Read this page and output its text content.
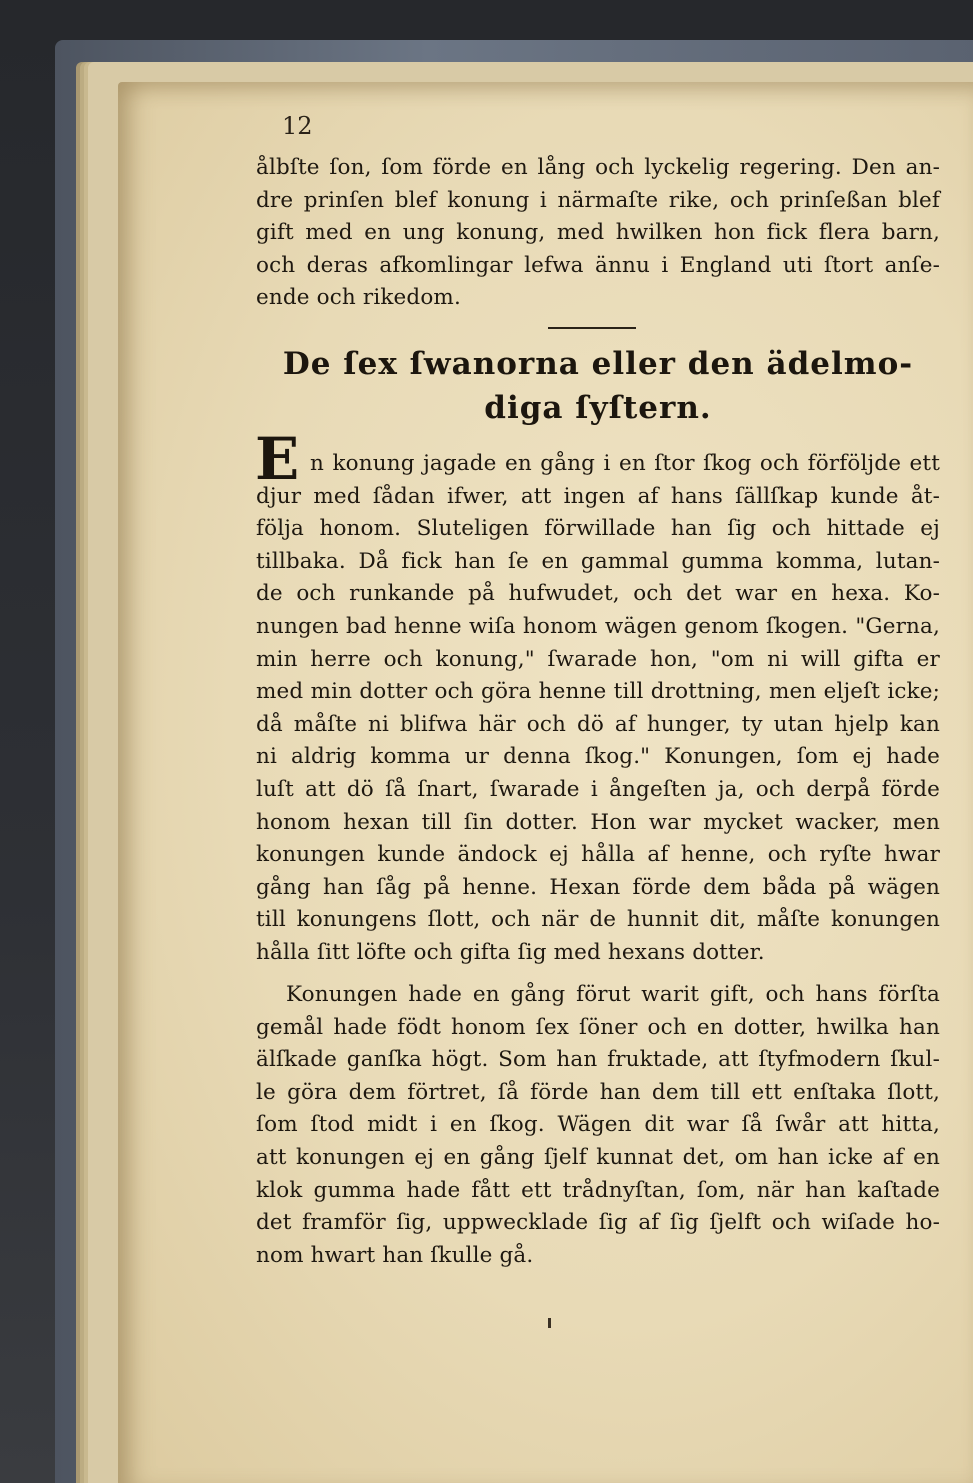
12
ålbſte ſon, ſom förde en lång och lyckelig regering. Den an-
dre prinſen blef konung i närmaſte rike, och prinſeßan blef
gift med en ung konung, med hwilken hon fick flera barn,
och deras afkomlingar lefwa ännu i England uti ſtort anſe-
ende och rikedom.
De ſex ſwanorna eller den ädelmo-
diga ſyſtern.
E n konung jagade en gång i en ſtor ſkog och förföljde ett
djur med ſådan ifwer, att ingen af hans ſällſkap kunde åt-
följa honom. Slutеligen förwillade han ſig och hittade ej
tillbaka. Då fick han ſe en gammal gumma komma, lutan-
de och runkande på hufwudet, och det war en hexa. Ko-
nungen bad henne wiſa honom wägen genom ſkogen. "Gerna,
min herre och konung," ſwarade hon, "om ni will gifta er
med min dotter och göra henne till drottning, men eljeſt icke;
då måſte ni blifwa här och dö af hunger, ty utan hjelp kan
ni aldrig komma ur denna ſkog." Konungen, ſom ej hade
luſt att dö ſå ſnart, ſwarade i ångeſten ja, och derpå förde
honom hexan till ſin dotter. Hon war mycket wacker, men
konungen kunde ändock ej hålla af henne, och ryſte hwar
gång han ſåg på henne. Hexan förde dem båda på wägen
till konungens ſlott, och när de hunnit dit, måſte konungen
hålla ſitt löfte och gifta ſig med hexans dotter.
Konungen hade en gång förut warit gift, och hans förſta
gemål hade födt honom ſex ſöner och en dotter, hwilka han
älſkade ganſka högt. Som han fruktade, att ſtyfmodern ſkul-
le göra dem förtret, ſå förde han dem till ett enſtaka ſlott,
ſom ſtod midt i en ſkog. Wägen dit war ſå ſwår att hitta,
att konungen ej en gång ſjelf kunnat det, om han icke af en
klok gumma hade fått ett trådnyſtan, ſom, när han kaſtade
det framför ſig, uppwecklade ſig af ſig ſjelft och wiſade ho-
nom hwart han ſkulle gå.
